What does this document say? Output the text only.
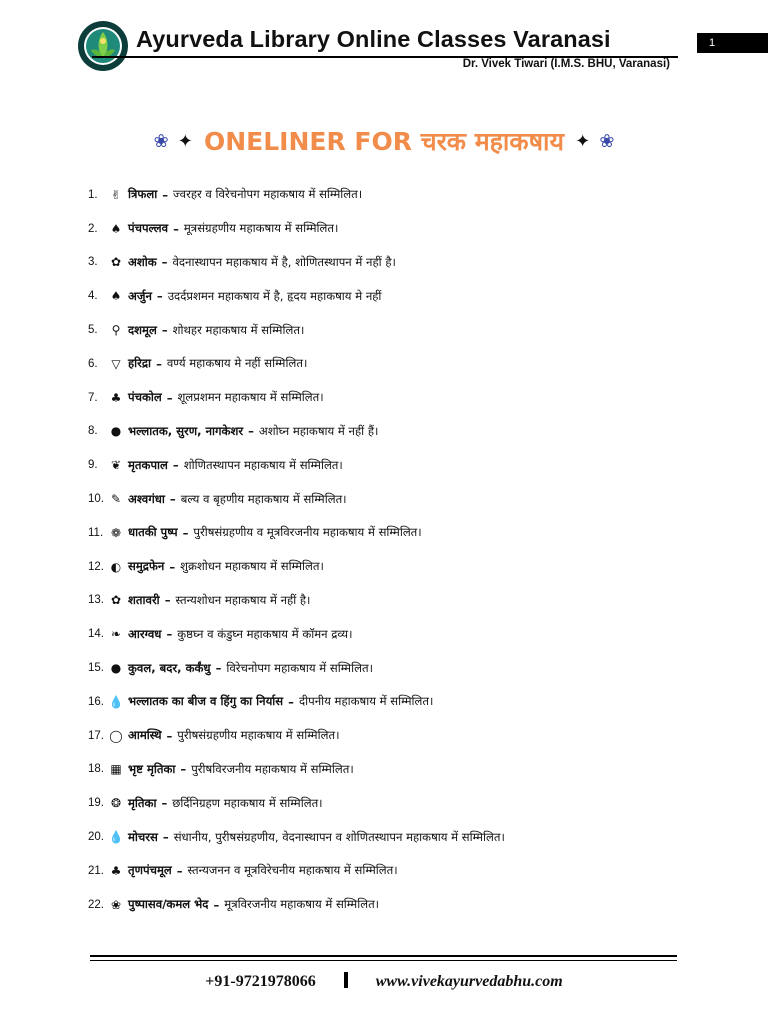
Ayurveda Library Online Classes Varanasi	1
Dr. Vivek Tiwari (I.M.S. BHU, Varanasi)
❀ ✦ ONELINER FOR चरक महाकषाय ✦ ❀
1.	✌ त्रिफला – ज्वरहर व विरेचनोपग महाकषाय में सम्मिलित।
2.	♠ पंचपल्लव – मूत्रसंग्रहणीय महाकषाय में सम्मिलित।
3.	✿ अशोक – वेदनास्थापन महाकषाय में है, शोणितस्थापन में नहीं है।
4.	♠ अर्जुन – उदर्दप्रशमन महाकषाय में है, हृदय महाकषाय मे नहीं
5.	⚲ दशमूल – शोथहर महाकषाय में सम्मिलित।
6.	▽ हरिद्रा – वर्ण्य महाकषाय मे नहीं सम्मिलित।
7.	♣ पंचकोल – शूलप्रशमन महाकषाय में सम्मिलित।
8.	● भल्लातक, सुरण, नागकेशर – अशोघ्न महाकषाय में नहीं हैं।
9.	❦ मृतकपाल – शोणितस्थापन महाकषाय में सम्मिलित।
10. ✎ अश्वगंधा – बल्य व बृहणीय महाकषाय में सम्मिलित।
11. ❁ धातकी पुष्प – पुरीषसंग्रहणीय व मूत्रविरजनीय महाकषाय में सम्मिलित।
12. ◐ समुद्रफेन – शुक्रशोधन महाकषाय में सम्मिलित।
13. ✿ शतावरी – स्तन्यशोधन महाकषाय में नहीं है।
14. ❧ आरग्वध – कुष्ठघ्न व कंडुघ्न महाकषाय में कॉमन द्रव्य।
15. ● कुवल, बदर, कर्कंधु – विरेचनोपग महाकषाय में सम्मिलित।
16. 💧 भल्लातक का बीज व हिंगु का निर्यास – दीपनीय महाकषाय में सम्मिलित।
17. ◯ आमस्थि – पुरीषसंग्रहणीय महाकषाय में सम्मिलित।
18. ▦ भृष्ट मृतिका – पुरीषविरजनीय महाकषाय में सम्मिलित।
19. ❂ मृतिका – छर्दिनिग्रहण महाकषाय में सम्मिलित।
20. 💧 मोचरस – संधानीय, पुरीषसंग्रहणीय, वेदनास्थापन व शोणितस्थापन महाकषाय में सम्मिलित।
21. ♣ तृणपंचमूल – स्तन्यजनन व मूत्रविरेचनीय महाकषाय में सम्मिलित।
22. ❀ पुष्पासव/कमल भेद – मूत्रविरजनीय महाकषाय में सम्मिलित।
+91-9721978066	www.vivekayurvedabhu.com
